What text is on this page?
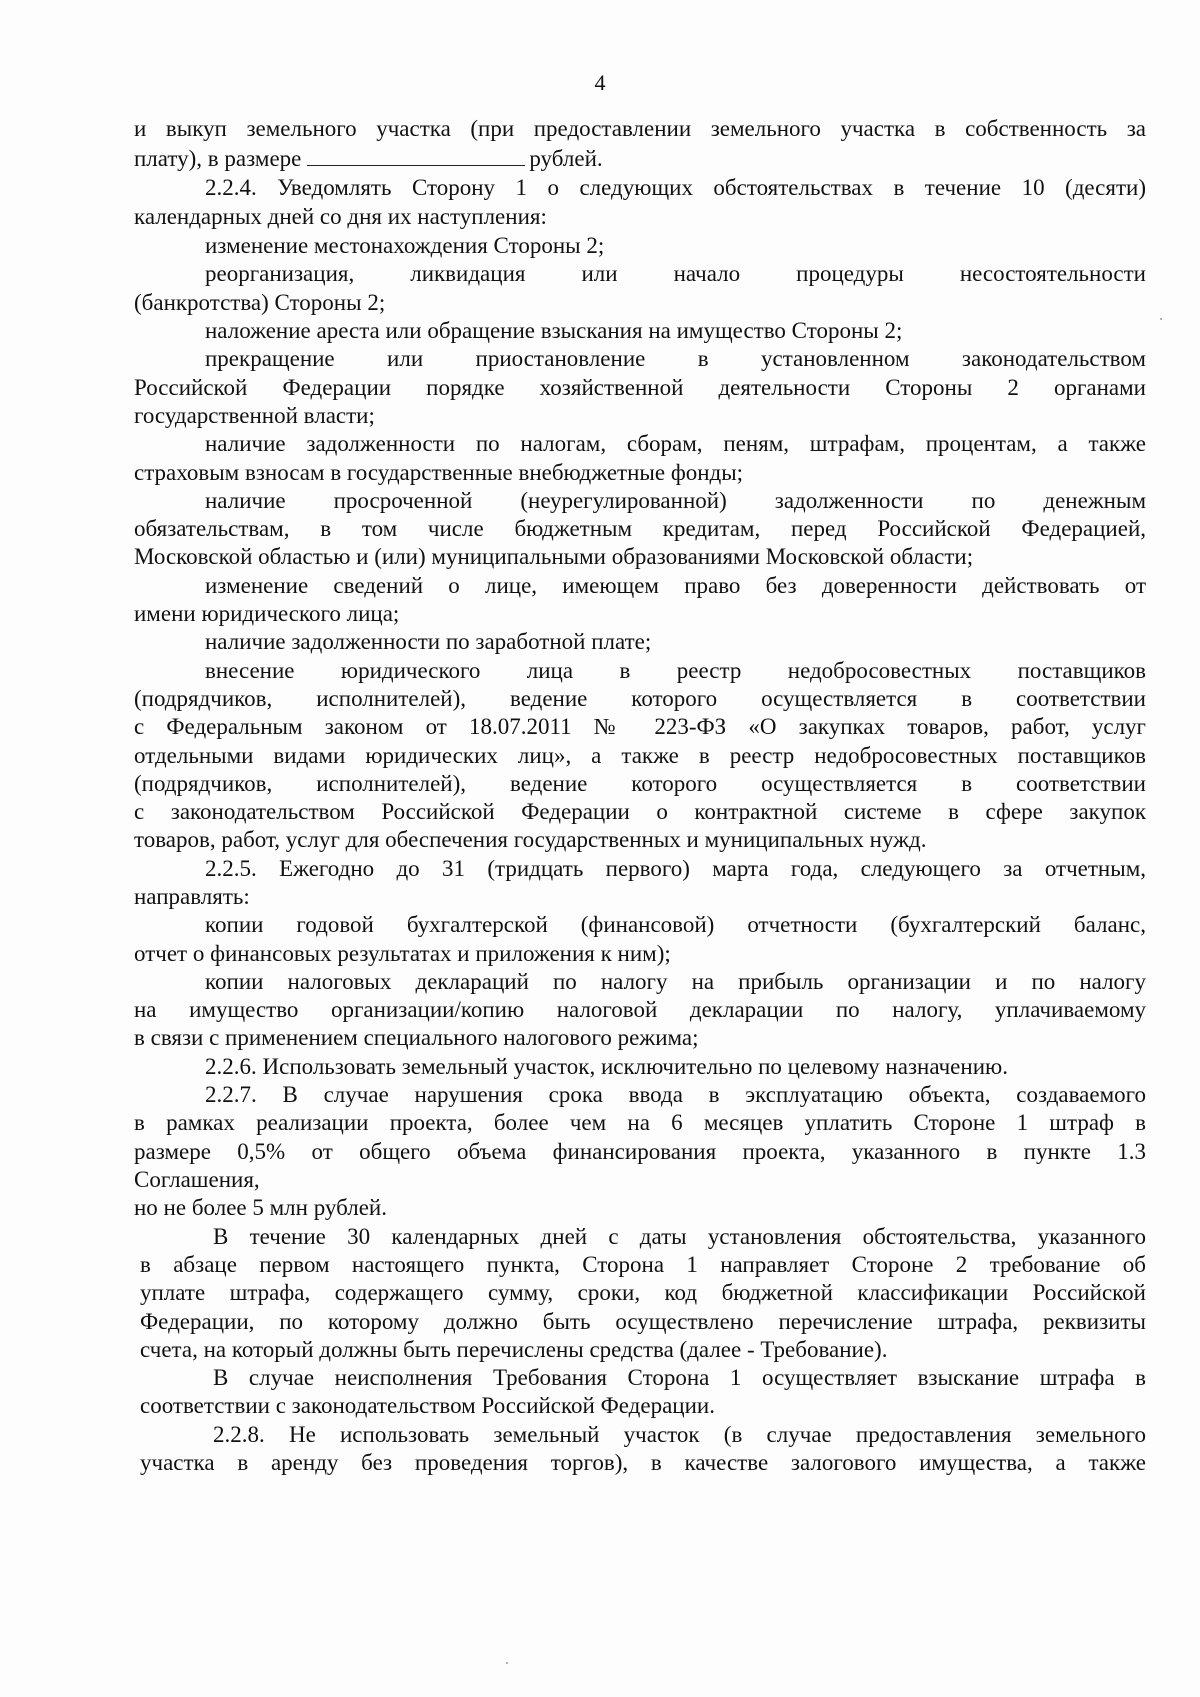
4
и выкуп земельного участка (при предоставлении земельного участка в собственность за
плату), в размере	рублей.
2.2.4. Уведомлять Сторону 1 о следующих обстоятельствах в течение 10 (десяти)
календарных дней со дня их наступления:
изменение местонахождения Стороны 2;
реорганизация, ликвидация или начало процедуры несостоятельности
(банкротства) Стороны 2;
наложение ареста или обращение взыскания на имущество Стороны 2;
прекращение или приостановление в установленном законодательством
Российской Федерации порядке хозяйственной деятельности Стороны 2 органами
государственной власти;
наличие задолженности по налогам, сборам, пеням, штрафам, процентам, а также
страховым взносам в государственные внебюджетные фонды;
наличие просроченной (неурегулированной) задолженности по денежным
обязательствам, в том числе бюджетным кредитам, перед Российской Федерацией,
Московской областью и (или) муниципальными образованиями Московской области;
изменение сведений о лице, имеющем право без доверенности действовать от
имени юридического лица;
наличие задолженности по заработной плате;
внесение юридического лица в реестр недобросовестных поставщиков
(подрядчиков, исполнителей), ведение которого осуществляется в соответствии
с Федеральным законом от 18.07.2011 № 223-ФЗ «О закупках товаров, работ, услуг
отдельными видами юридических лиц», а также в реестр недобросовестных поставщиков
(подрядчиков, исполнителей), ведение которого осуществляется в соответствии
с законодательством Российской Федерации о контрактной системе в сфере закупок
товаров, работ, услуг для обеспечения государственных и муниципальных нужд.
2.2.5. Ежегодно до 31 (тридцать первого) марта года, следующего за отчетным,
направлять:
копии годовой бухгалтерской (финансовой) отчетности (бухгалтерский баланс,
отчет о финансовых результатах и приложения к ним);
копии налоговых деклараций по налогу на прибыль организации и по налогу
на имущество организации/копию налоговой декларации по налогу, уплачиваемому
в связи с применением специального налогового режима;
2.2.6. Использовать земельный участок, исключительно по целевому назначению.
2.2.7. В случае нарушения срока ввода в эксплуатацию объекта, создаваемого
в рамках реализации проекта, более чем на 6 месяцев уплатить Стороне 1 штраф в
размере 0,5% от общего объема финансирования проекта, указанного в пункте 1.3
Соглашения,
но не более 5 млн рублей.
В течение 30 календарных дней с даты установления обстоятельства, указанного
в абзаце первом настоящего пункта, Сторона 1 направляет Стороне 2 требование об
уплате штрафа, содержащего сумму, сроки, код бюджетной классификации Российской
Федерации, по которому должно быть осуществлено перечисление штрафа, реквизиты
счета, на который должны быть перечислены средства (далее - Требование).
В случае неисполнения Требования Сторона 1 осуществляет взыскание штрафа в
соответствии с законодательством Российской Федерации.
2.2.8. Не использовать земельный участок (в случае предоставления земельного
участка в аренду без проведения торгов), в качестве залогового имущества, а также
